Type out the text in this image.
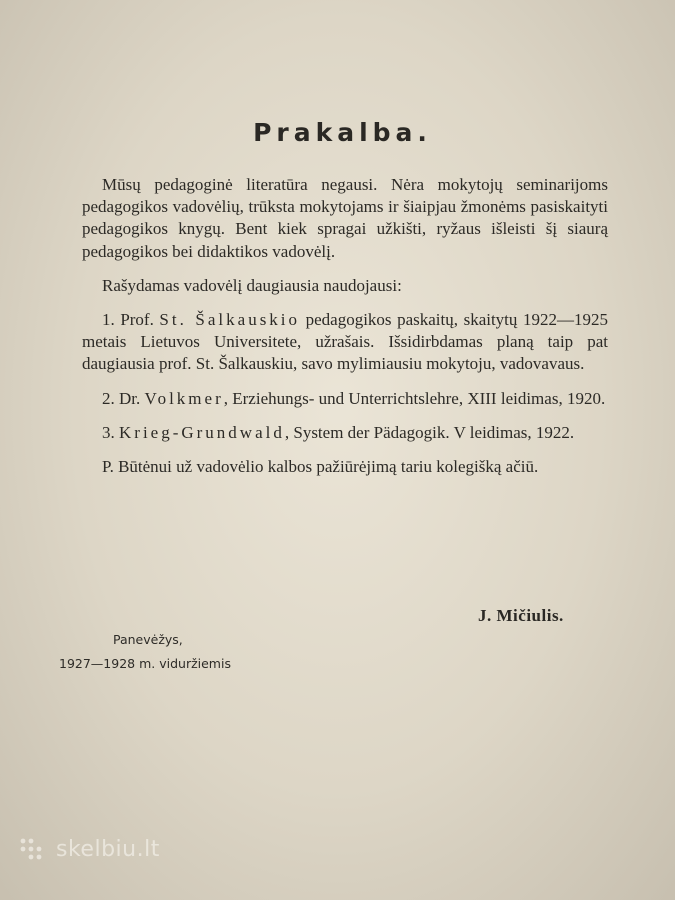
Prakalba.

Mūsų pedagoginė literatūra negausi. Nėra mokytojų seminarijoms pedagogikos vadovėlių, trūksta mokytojams ir šiaipjau žmonėms pasiskaityti pedagogikos knygų. Bent kiek spragai užkišti, ryžaus išleisti šį siaurą pedagogikos bei didaktikos vadovėlį.

Rašydamas vadovėlį daugiausia naudojausi:

1. Prof. St. Šalkauskio pedagogikos paskaitų, skaitytų 1922—1925 metais Lietuvos Universitete, užrašais. Išsidirbdamas planą taip pat daugiausia prof. St. Šalkauskiu, savo mylimiausiu mokytoju, vadovavaus.

2. Dr. Volkmer, Erziehungs- und Unterrichtslehre, XIII leidimas, 1920.

3. Krieg-Grundwald, System der Pädagogik. V leidimas, 1922.

P. Būtėnui už vadovėlio kalbos pažiūrėjimą tariu kolegišką ačiū.

J. Mičiulis.
Panevėžys,
1927—1928 m. viduržiemis
skelbiu.lt
